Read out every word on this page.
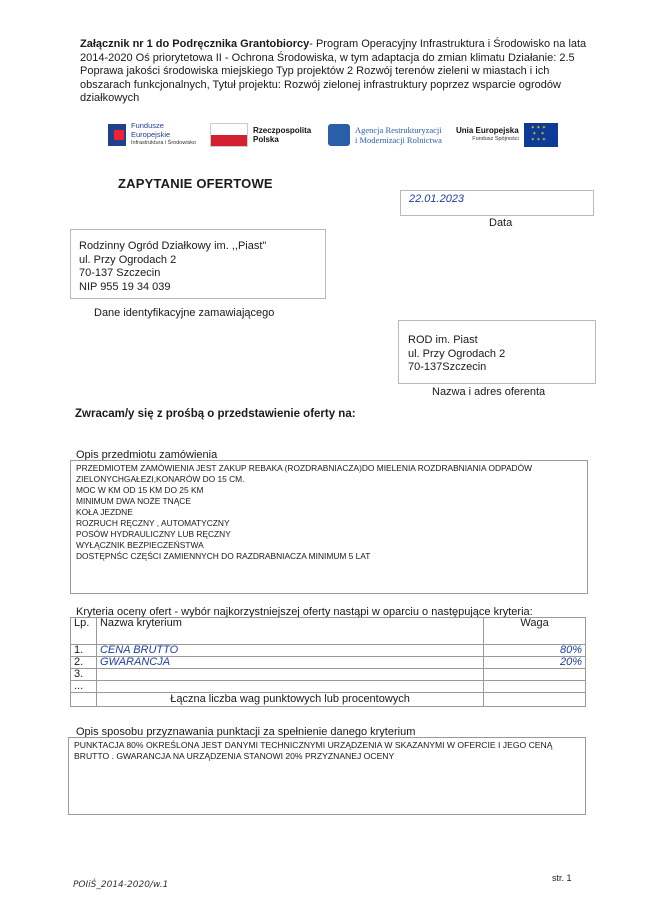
Załącznik nr 1 do Podręcznika Grantobiorcy- Program Operacyjny Infrastruktura i Środowisko na lata 2014-2020 Oś priorytetowa II - Ochrona Środowiska, w tym adaptacja do zmian klimatu Działanie: 2.5 Poprawa jakości środowiska miejskiego Typ projektów 2 Rozwój terenów zieleni w miastach i ich obszarach funkcjonalnych, Tytuł projektu: Rozwój zielonej infrastruktury poprzez wsparcie ogrodów działkowych
Fundusze
Europejskie
Infrastruktura i Środowisko
Rzeczpospolita
Polska
Agencja Restrukturyzacji
i Modernizacji Rolnictwa
Unia Europejska
Fundusz Spójności
✶ ✶ ✶ ✶ ✶ ✶ ✶ ✶
ZAPYTANIE OFERTOWE
22.01.2023
Data
Rodzinny Ogród Działkowy im. ,,Piast"
ul. Przy Ogrodach 2
70-137 Szczecin
NIP 955 19 34 039
Dane identyfikacyjne zamawiającego
ROD im. Piast
ul. Przy Ogrodach 2
70-137Szczecin
Nazwa i adres oferenta
Zwracam/y się z prośbą o przedstawienie oferty na:
Opis przedmiotu zamówienia
PRZEDMIOTEM ZAMÓWIENIA JEST ZAKUP REBAKA (ROZDRABNIACZA)DO MIELENIA ROZDRABNIANIA ODPADÓW ZIELONYCHGAŁEZI,KONARÓW DO 15 CM.
MOC W KM OD 15 KM DO 25 KM
MINIMUM DWA NOŻE TNĄCE
KOŁA JEZDNE
ROZRUCH RĘCZNY , AUTOMATYCZNY
POSÓW HYDRAULICZNY LUB RĘCZNY
WYŁĄCZNIK BEZPIECZEŃSTWA
DOSTĘPNŚC CZĘŚCI ZAMIENNYCH DO RAZDRABNIACZA MINIMUM 5 LAT
Kryteria oceny ofert - wybór najkorzystniejszej oferty nastąpi w oparciu o następujące kryteria:
Lp.	Nazwa kryterium	Waga
1.	CENA BRUTTO	80%
2.	GWARANCJA	20%
3.		
...		
	Łączna liczba wag punktowych lub procentowych	
Opis sposobu przyznawania punktacji za spełnienie danego kryterium
PUNKTACJA 80% OKREŚLONA JEST DANYMI TECHNICZNYMI URZĄDZENIA W SKAZANYMI W OFERCIE I JEGO CENĄ BRUTTO . GWARANCJA NA URZĄDZENIA STANOWI 20% PRZYZNANEJ OCENY
str. 1
POIiŚ_2014-2020/w.1
